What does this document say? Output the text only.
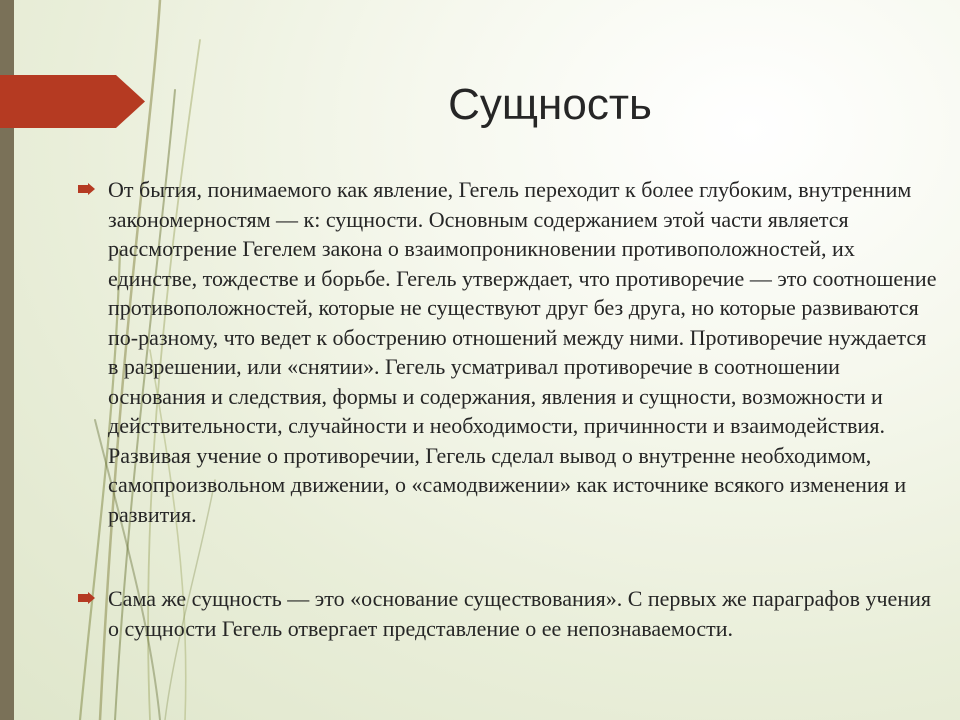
Сущность

От бытия, понимаемого как явление, Гегель переходит к более глубоким, внутренним закономерностям — к: сущности. Основным содержанием этой части является рассмотрение Гегелем закона о взаимопроникновении противоположностей, их единстве, тождестве и борьбе. Гегель утверждает, что противоречие — это соотношение противоположностей, которые не существуют друг без друга, но которые развиваются по-разному, что ведет к обострению отношений между ними. Противоречие нуждается в разрешении, или «снятии». Гегель усматривал противоречие в соотношении основания и следствия, формы и содержания, явления и сущности, возможности и действительности, случайности и необходимости, причинности и взаимодействия. Развивая учение о противоречии, Гегель сделал вывод о внутренне необходимом, самопроизвольном движении, о «самодвижении» как источнике всякого изменения и развития.

Сама же сущность — это «основание существования». С первых же параграфов учения о сущности Гегель отвергает представление о ее непознаваемости.
